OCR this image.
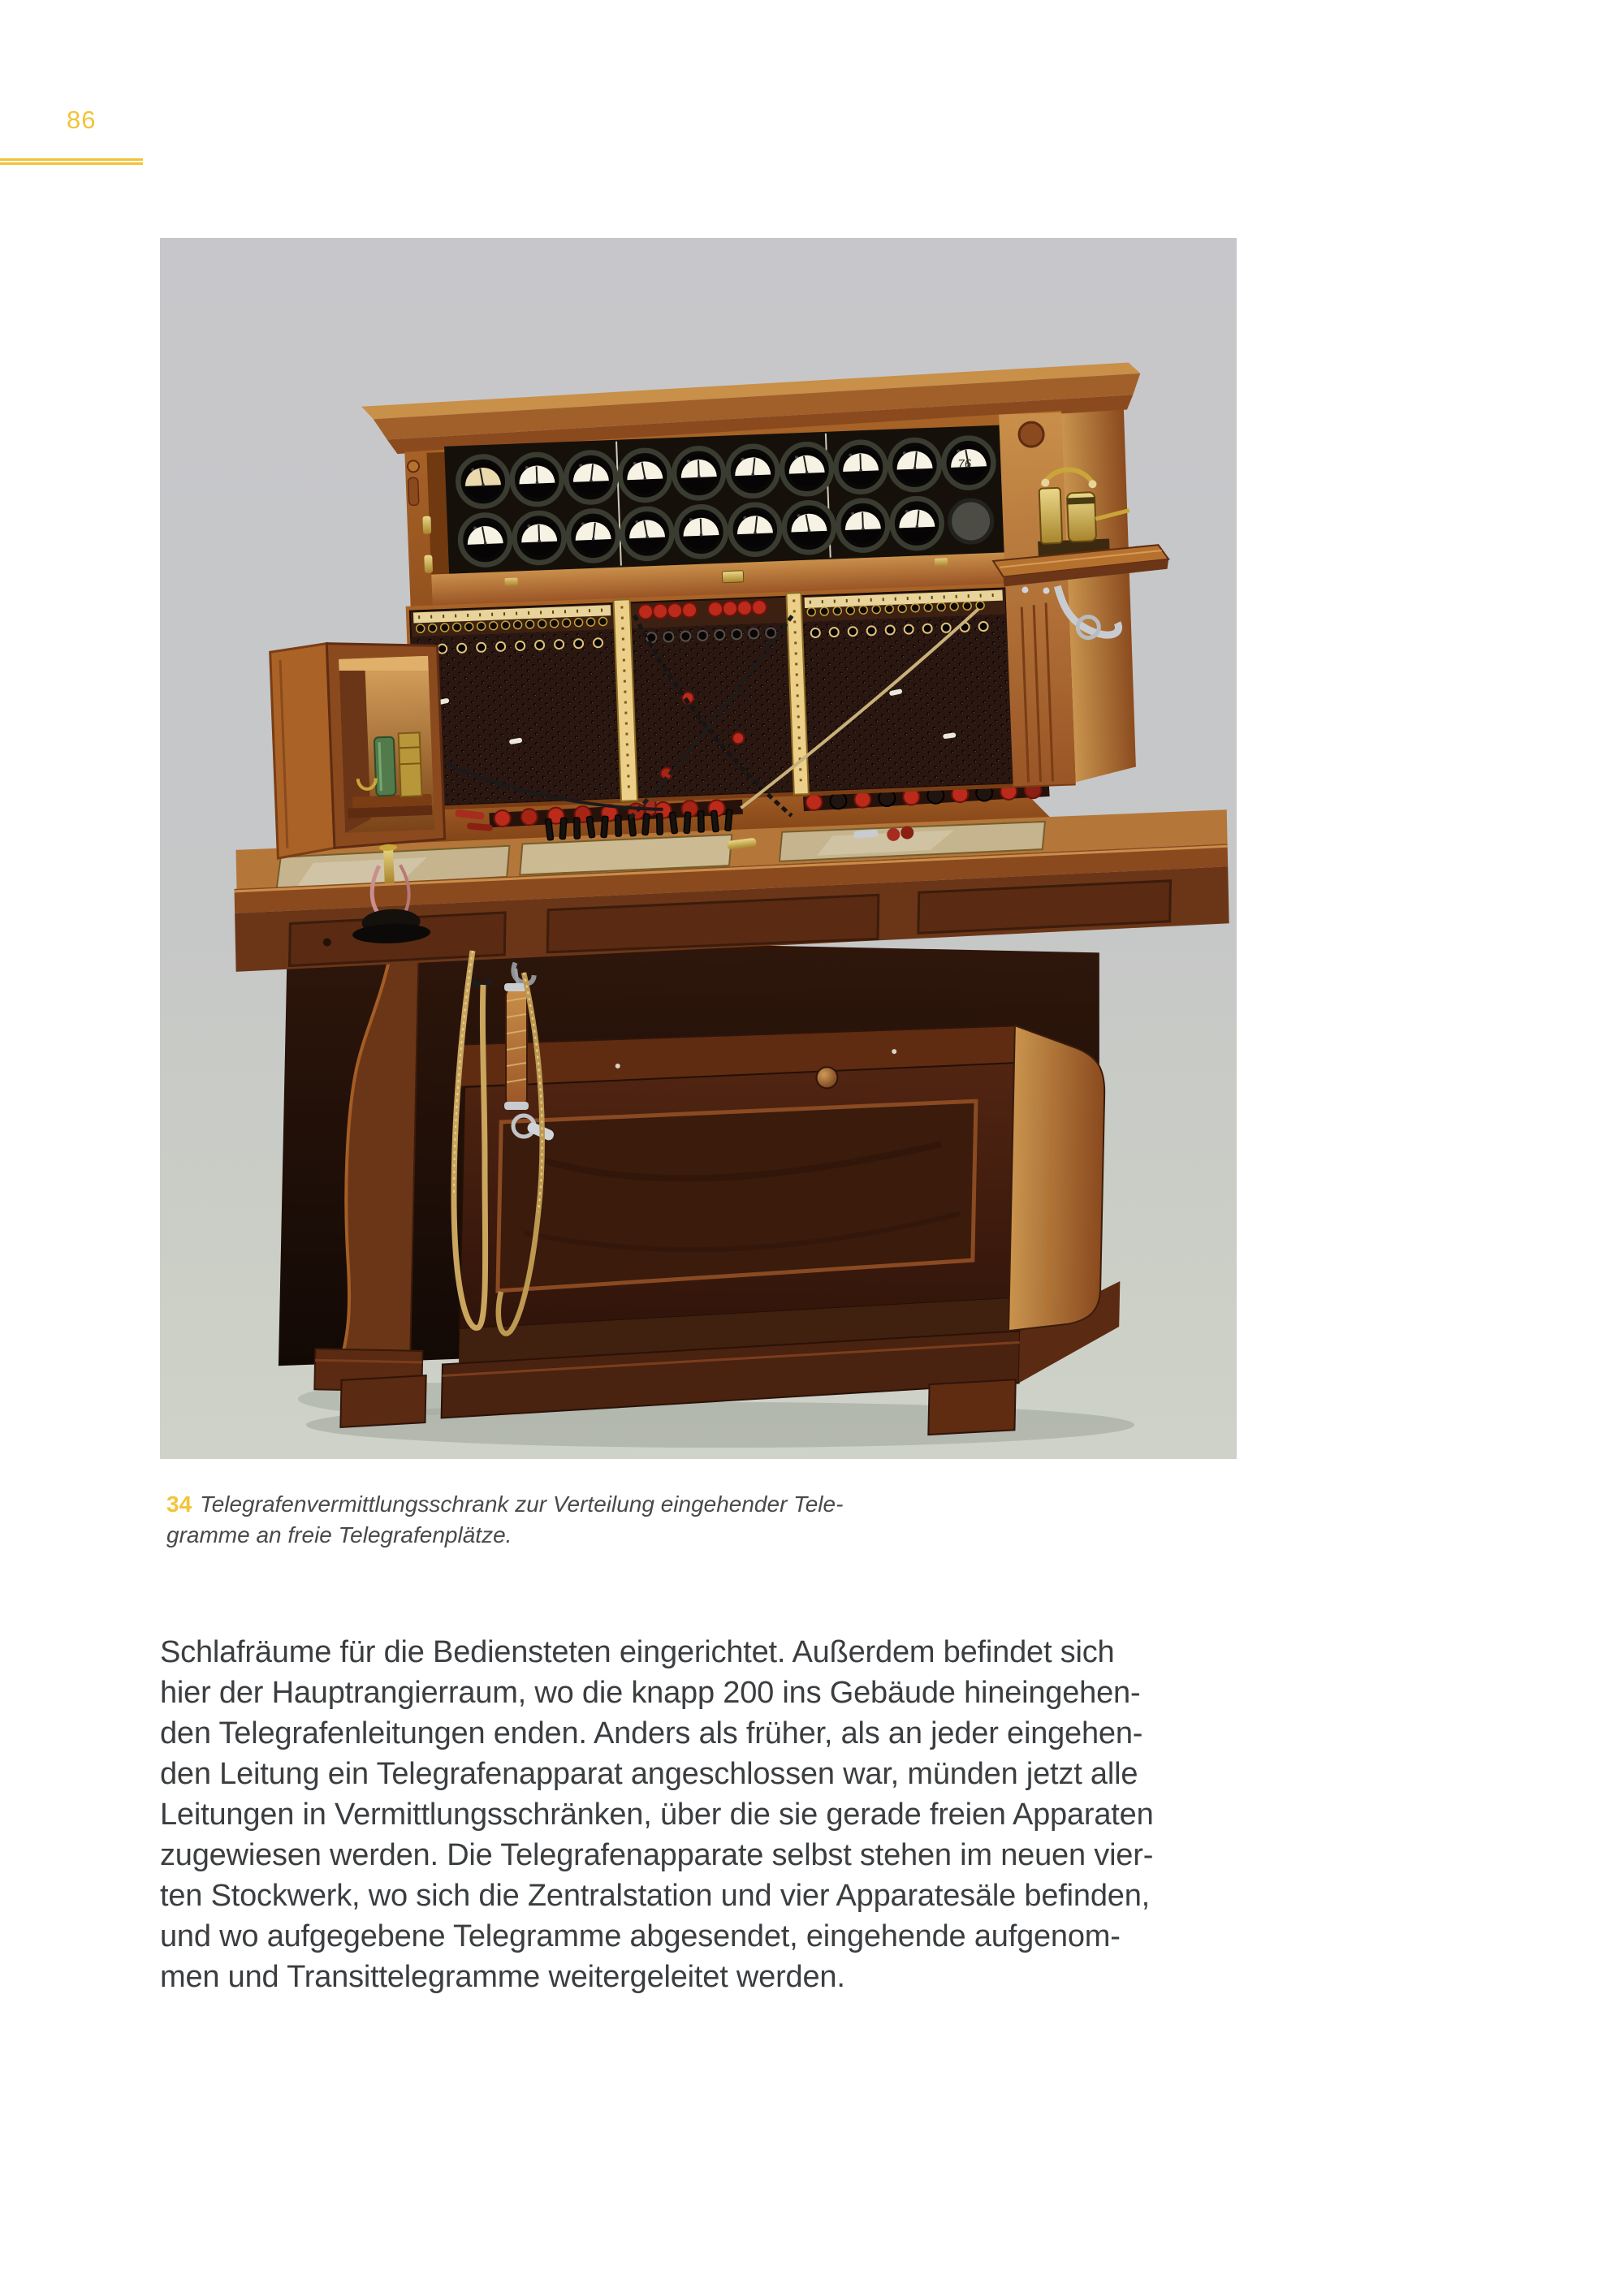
86
76
34 Telegrafenvermittlungsschrank zur Verteilung eingehender Tele-
gramme an freie Telegrafenplätze.
Schlafräume für die Bediensteten eingerichtet. Außerdem befindet sich
hier der Hauptrangierraum, wo die knapp 200 ins Gebäude hineingehen-
den Telegrafenleitungen enden. Anders als früher, als an jeder eingehen-
den Leitung ein Telegrafenapparat angeschlossen war, münden jetzt alle
Leitungen in Vermittlungsschränken, über die sie gerade freien Apparaten
zugewiesen werden. Die Telegrafenapparate selbst stehen im neuen vier-
ten Stockwerk, wo sich die Zentralstation und vier Apparatesäle befinden,
und wo aufgegebene Telegramme abgesendet, eingehende aufgenom-
men und Transittelegramme weitergeleitet werden.
